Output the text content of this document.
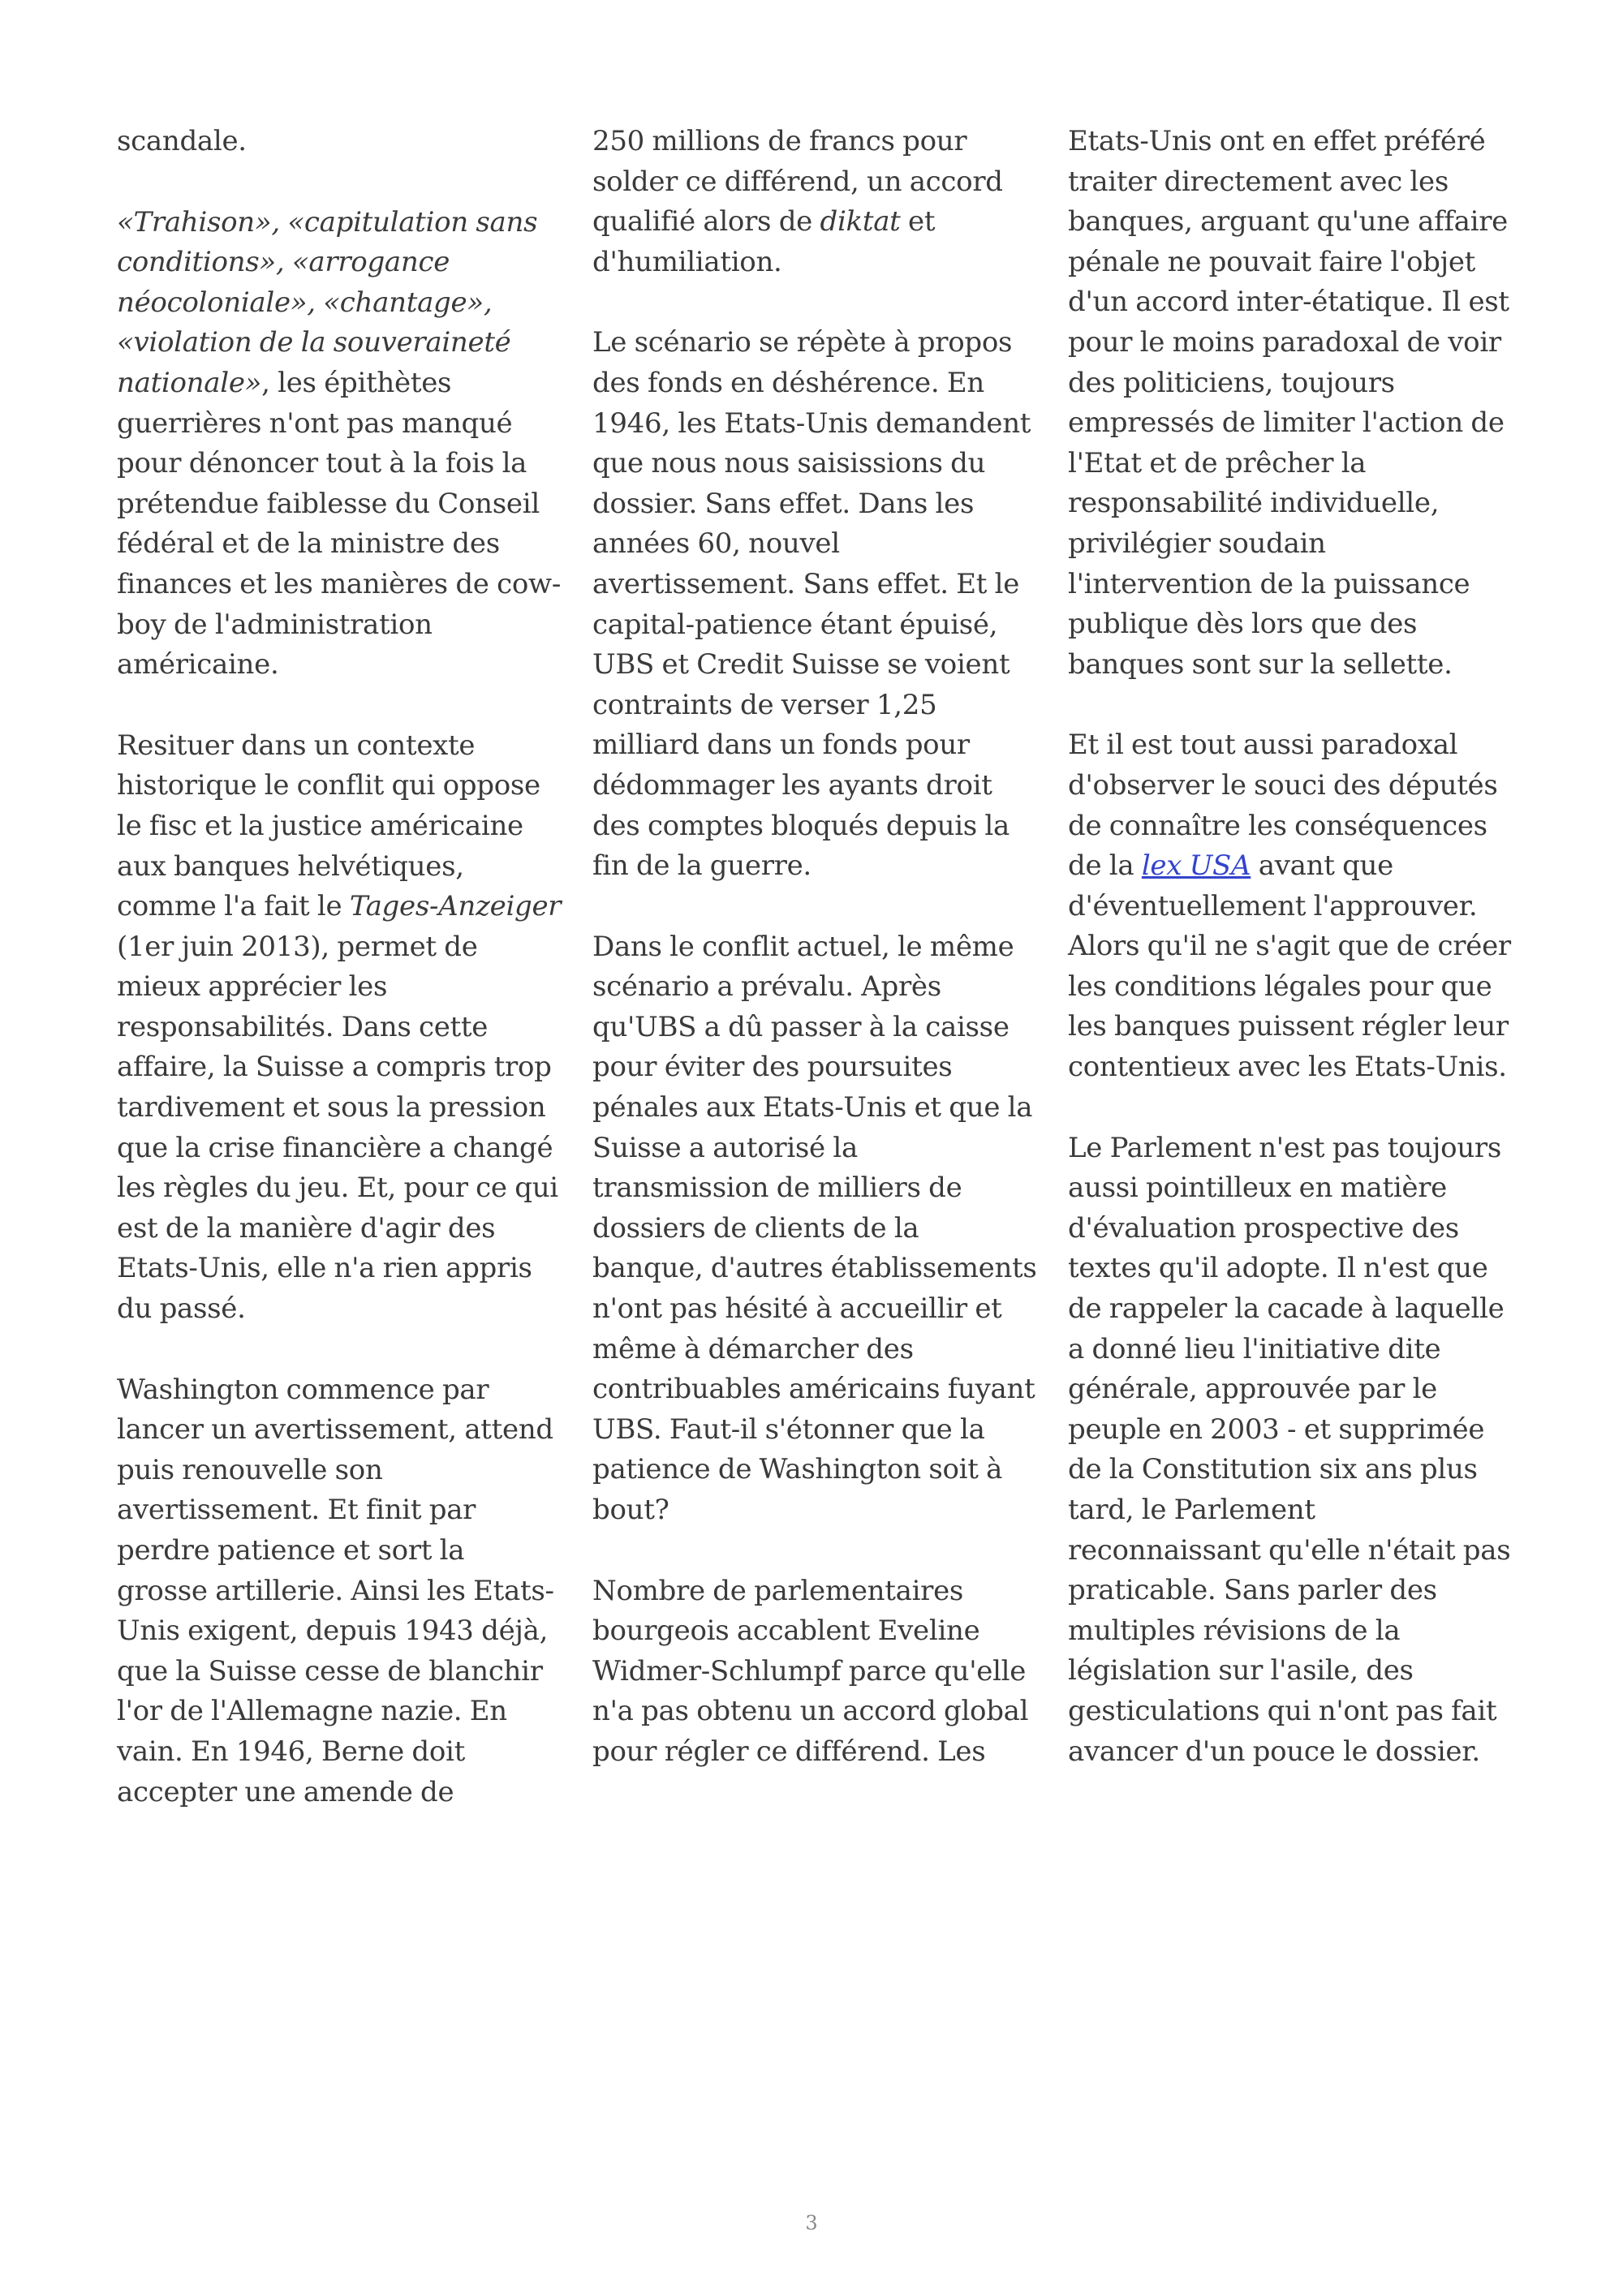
scandale.

«Trahison», «capitulation sans conditions», «arrogance néocoloniale», «chantage», «violation de la souveraineté nationale», les épithètes guerrières n'ont pas manqué pour dénoncer tout à la fois la prétendue faiblesse du Conseil fédéral et de la ministre des finances et les manières de cow-boy de l'administration américaine.

Resituer dans un contexte historique le conflit qui oppose le fisc et la justice américaine aux banques helvétiques, comme l'a fait le Tages-Anzeiger (1er juin 2013), permet de mieux apprécier les responsabilités. Dans cette affaire, la Suisse a compris trop tardivement et sous la pression que la crise financière a changé les règles du jeu. Et, pour ce qui est de la manière d'agir des Etats-Unis, elle n'a rien appris du passé.

Washington commence par lancer un avertissement, attend puis renouvelle son avertissement. Et finit par perdre patience et sort la grosse artillerie. Ainsi les Etats-Unis exigent, depuis 1943 déjà, que la Suisse cesse de blanchir l'or de l'Allemagne nazie. En vain. En 1946, Berne doit accepter une amende de

250 millions de francs pour solder ce différend, un accord qualifié alors de diktat et d'humiliation.

Le scénario se répète à propos des fonds en déshérence. En 1946, les Etats-Unis demandent que nous nous saisissions du dossier. Sans effet. Dans les années 60, nouvel avertissement. Sans effet. Et le capital-patience étant épuisé, UBS et Credit Suisse se voient contraints de verser 1,25 milliard dans un fonds pour dédommager les ayants droit des comptes bloqués depuis la fin de la guerre.

Dans le conflit actuel, le même scénario a prévalu. Après qu'UBS a dû passer à la caisse pour éviter des poursuites pénales aux Etats-Unis et que la Suisse a autorisé la transmission de milliers de dossiers de clients de la banque, d'autres établissements n'ont pas hésité à accueillir et même à démarcher des contribuables américains fuyant UBS. Faut-il s'étonner que la patience de Washington soit à bout?

Nombre de parlementaires bourgeois accablent Eveline Widmer-Schlumpf parce qu'elle n'a pas obtenu un accord global pour régler ce différend. Les

Etats-Unis ont en effet préféré traiter directement avec les banques, arguant qu'une affaire pénale ne pouvait faire l'objet d'un accord inter-étatique. Il est pour le moins paradoxal de voir des politiciens, toujours empressés de limiter l'action de l'Etat et de prêcher la responsabilité individuelle, privilégier soudain l'intervention de la puissance publique dès lors que des banques sont sur la sellette.

Et il est tout aussi paradoxal d'observer le souci des députés de connaître les conséquences de la lex USA avant que d'éventuellement l'approuver. Alors qu'il ne s'agit que de créer les conditions légales pour que les banques puissent régler leur contentieux avec les Etats-Unis.

Le Parlement n'est pas toujours aussi pointilleux en matière d'évaluation prospective des textes qu'il adopte. Il n'est que de rappeler la cacade à laquelle a donné lieu l'initiative dite générale, approuvée par le peuple en 2003 - et supprimée de la Constitution six ans plus tard, le Parlement reconnaissant qu'elle n'était pas praticable. Sans parler des multiples révisions de la législation sur l'asile, des gesticulations qui n'ont pas fait avancer d'un pouce le dossier.

3
